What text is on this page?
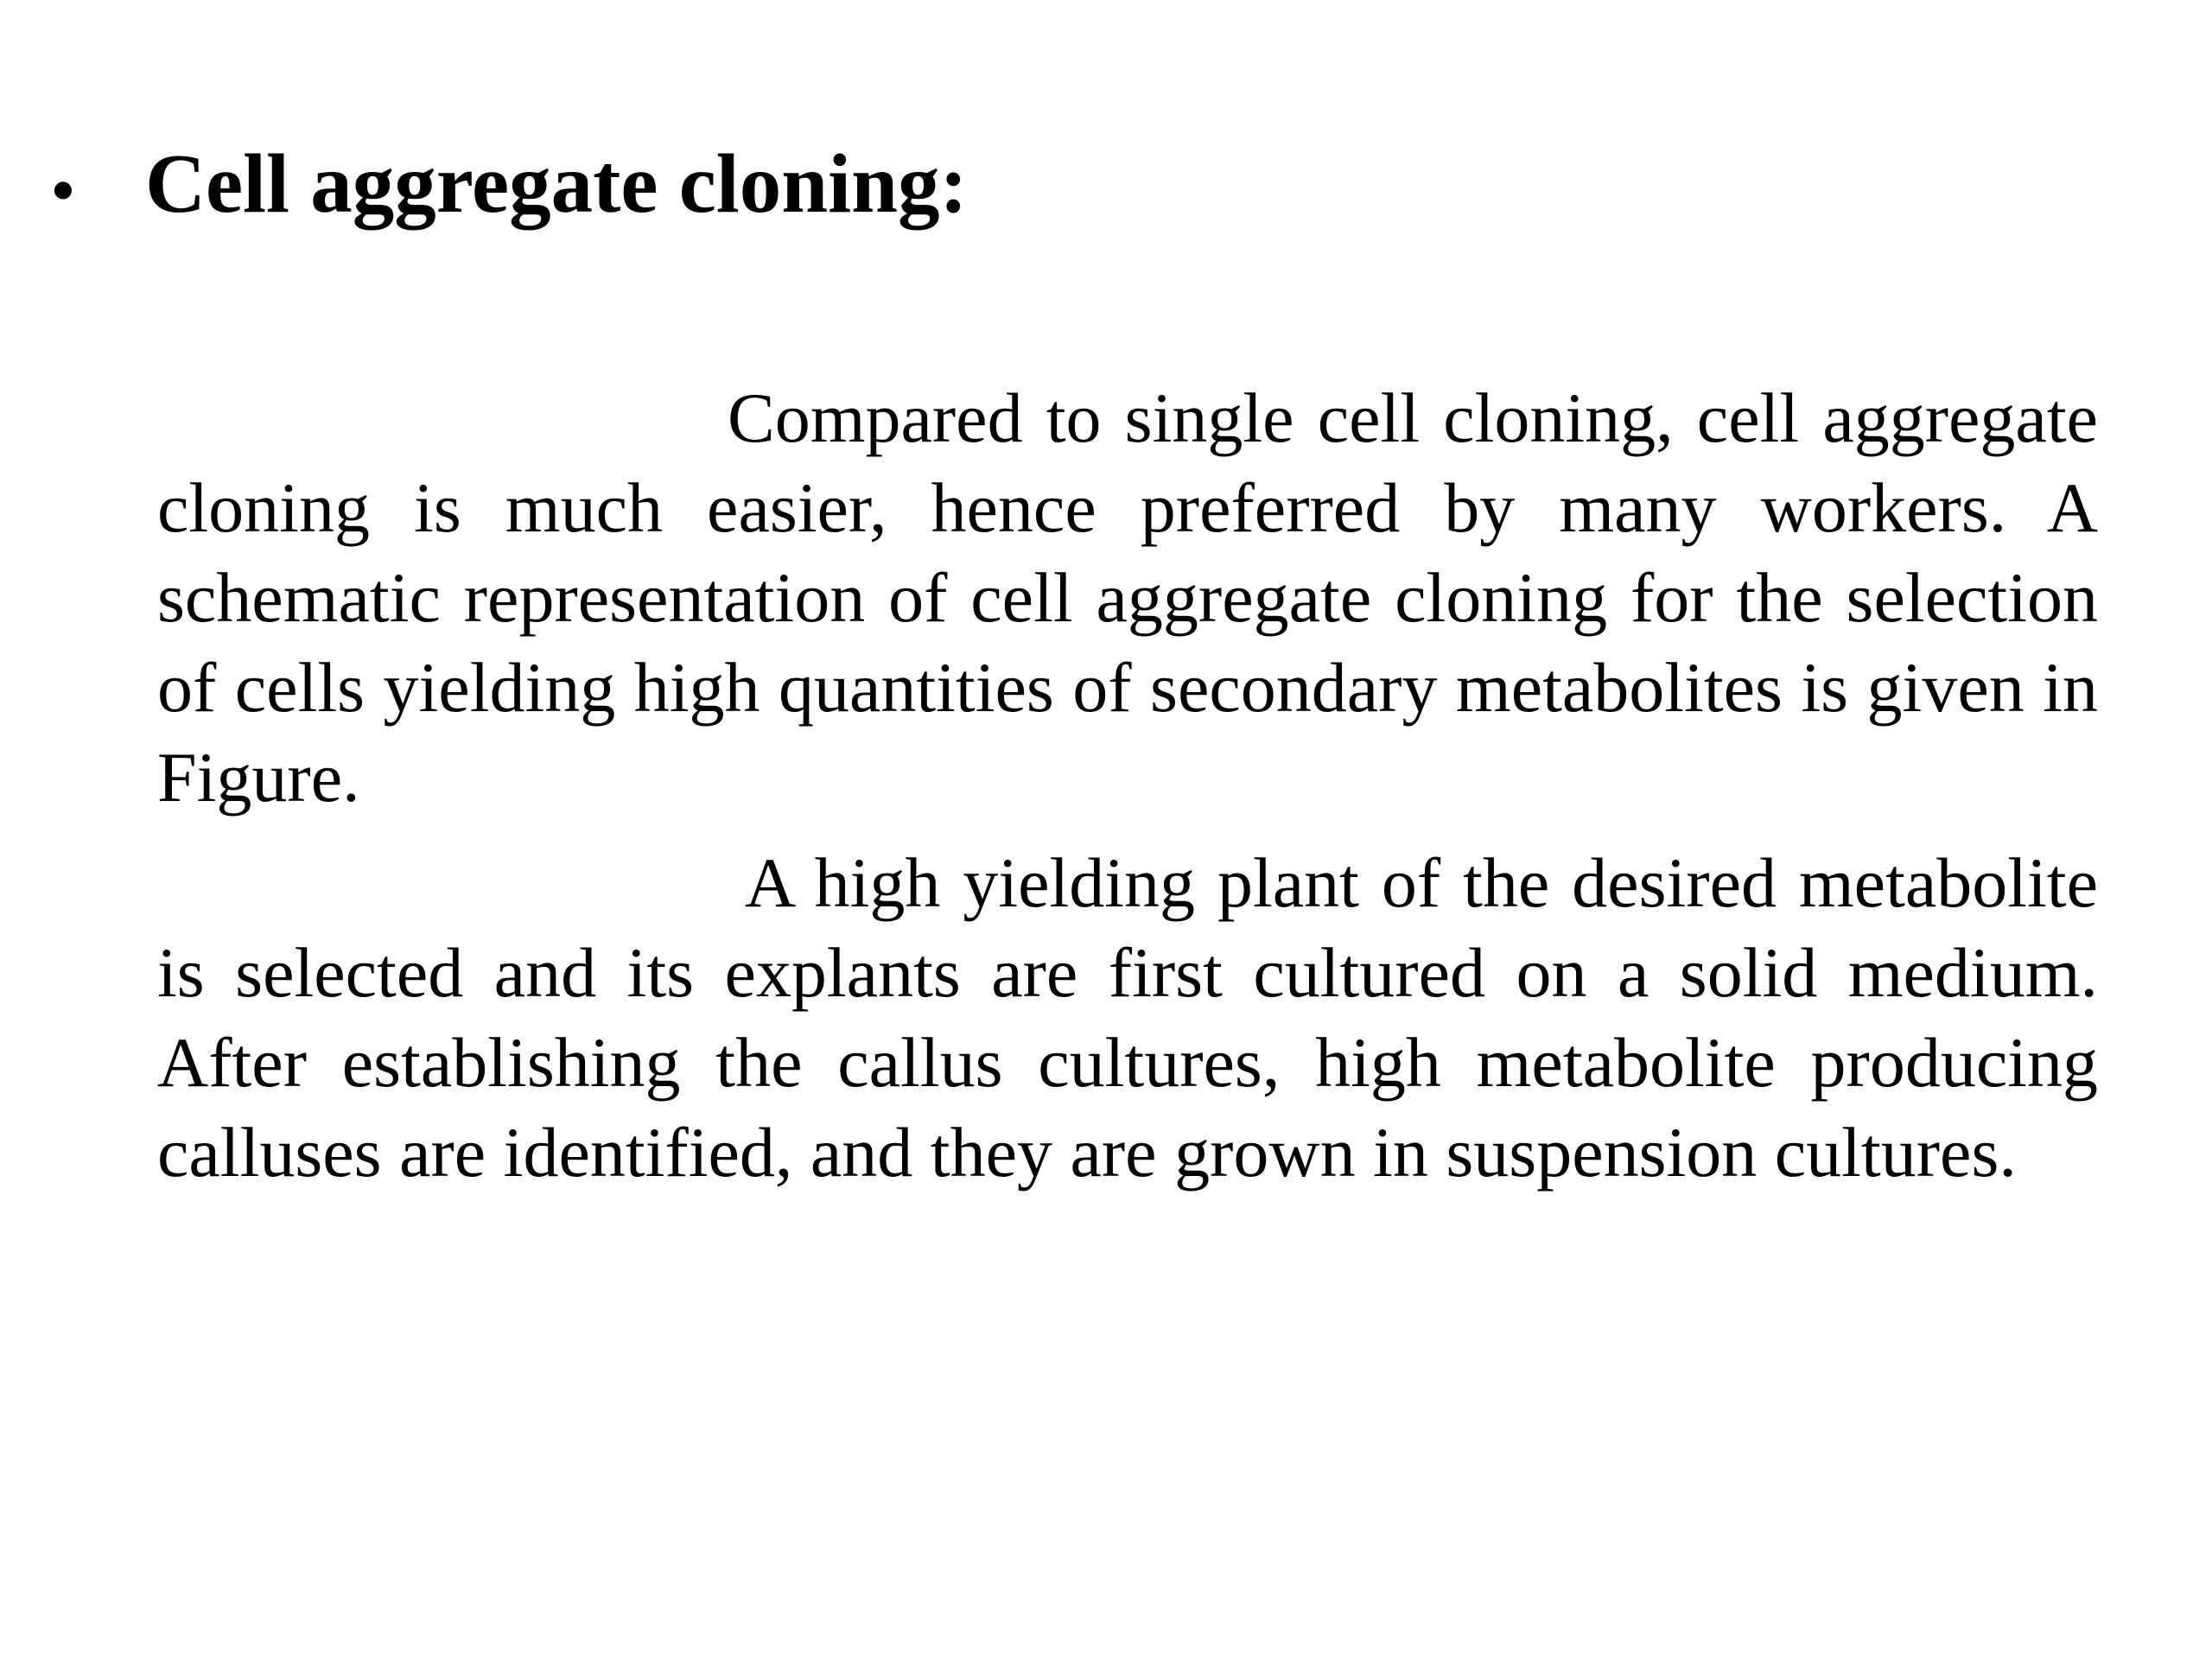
• Cell aggregate cloning:

Compared to single cell cloning, cell aggregate cloning is much easier, hence preferred by many workers. A schematic representation of cell aggregate cloning for the selection of cells yielding high quantities of secondary metabolites is given in Figure.

A high yielding plant of the desired metabolite is selected and its explants are first cultured on a solid medium. After establishing the callus cultures, high metabolite producing calluses are identified, and they are grown in suspension cultures.
